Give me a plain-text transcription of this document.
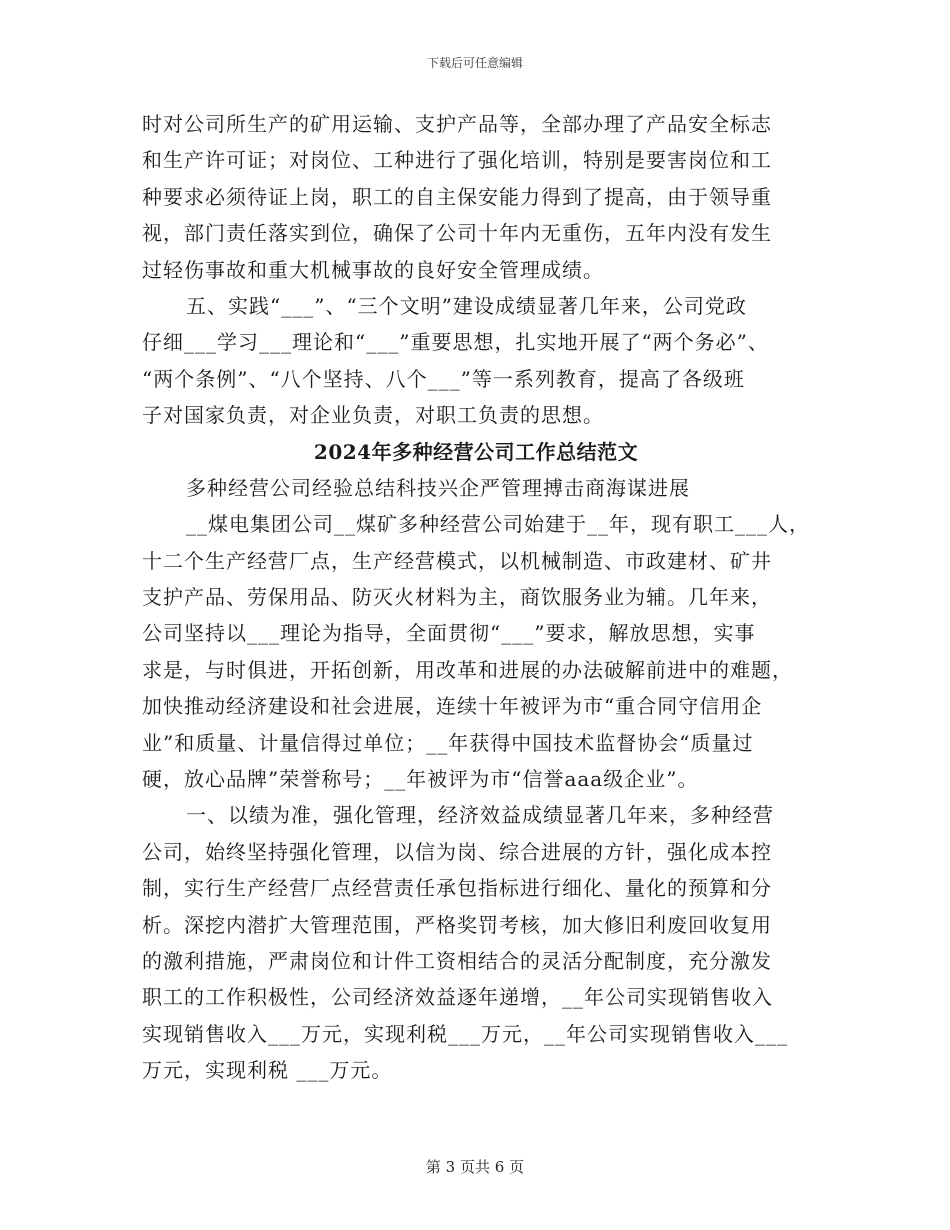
下载后可任意编辑
时对公司所生产的矿用运输、支护产品等，全部办理了产品安全标志
和生产许可证；对岗位、工种进行了强化培训，特别是要害岗位和工
种要求必须待证上岗，职工的自主保安能力得到了提高，由于领导重
视，部门责任落实到位，确保了公司十年内无重伤，五年内没有发生
过轻伤事故和重大机械事故的良好安全管理成绩。
五、实践“___”、“三个文明”建设成绩显著几年来，公司党政
仔细___学习___理论和“___”重要思想，扎实地开展了“两个务必”、
“两个条例”、“八个坚持、八个___”等一系列教育，提高了各级班
子对国家负责，对企业负责，对职工负责的思想。
2024年多种经营公司工作总结范文
多种经营公司经验总结科技兴企严管理搏击商海谋进展
__煤电集团公司__煤矿多种经营公司始建于__年，现有职工___人，
十二个生产经营厂点，生产经营模式，以机械制造、市政建材、矿井
支护产品、劳保用品、防灭火材料为主，商饮服务业为辅。几年来，
公司坚持以___理论为指导，全面贯彻“___”要求，解放思想，实事
求是，与时俱进，开拓创新，用改革和进展的办法破解前进中的难题，
加快推动经济建设和社会进展，连续十年被评为市“重合同守信用企
业”和质量、计量信得过单位；__年获得中国技术监督协会“质量过
硬，放心品牌”荣誉称号；__年被评为市“信誉aaa级企业”。
一、以绩为准，强化管理，经济效益成绩显著几年来，多种经营
公司，始终坚持强化管理，以信为岗、综合进展的方针，强化成本控
制，实行生产经营厂点经营责任承包指标进行细化、量化的预算和分
析。深挖内潜扩大管理范围，严格奖罚考核，加大修旧利废回收复用
的激利措施，严肃岗位和计件工资相结合的灵活分配制度，充分激发
职工的工作积极性，公司经济效益逐年递增，__年公司实现销售收入
实现销售收入___万元，实现利税___万元，__年公司实现销售收入___
万元，实现利税 ___万元。
第 3 页共 6 页
